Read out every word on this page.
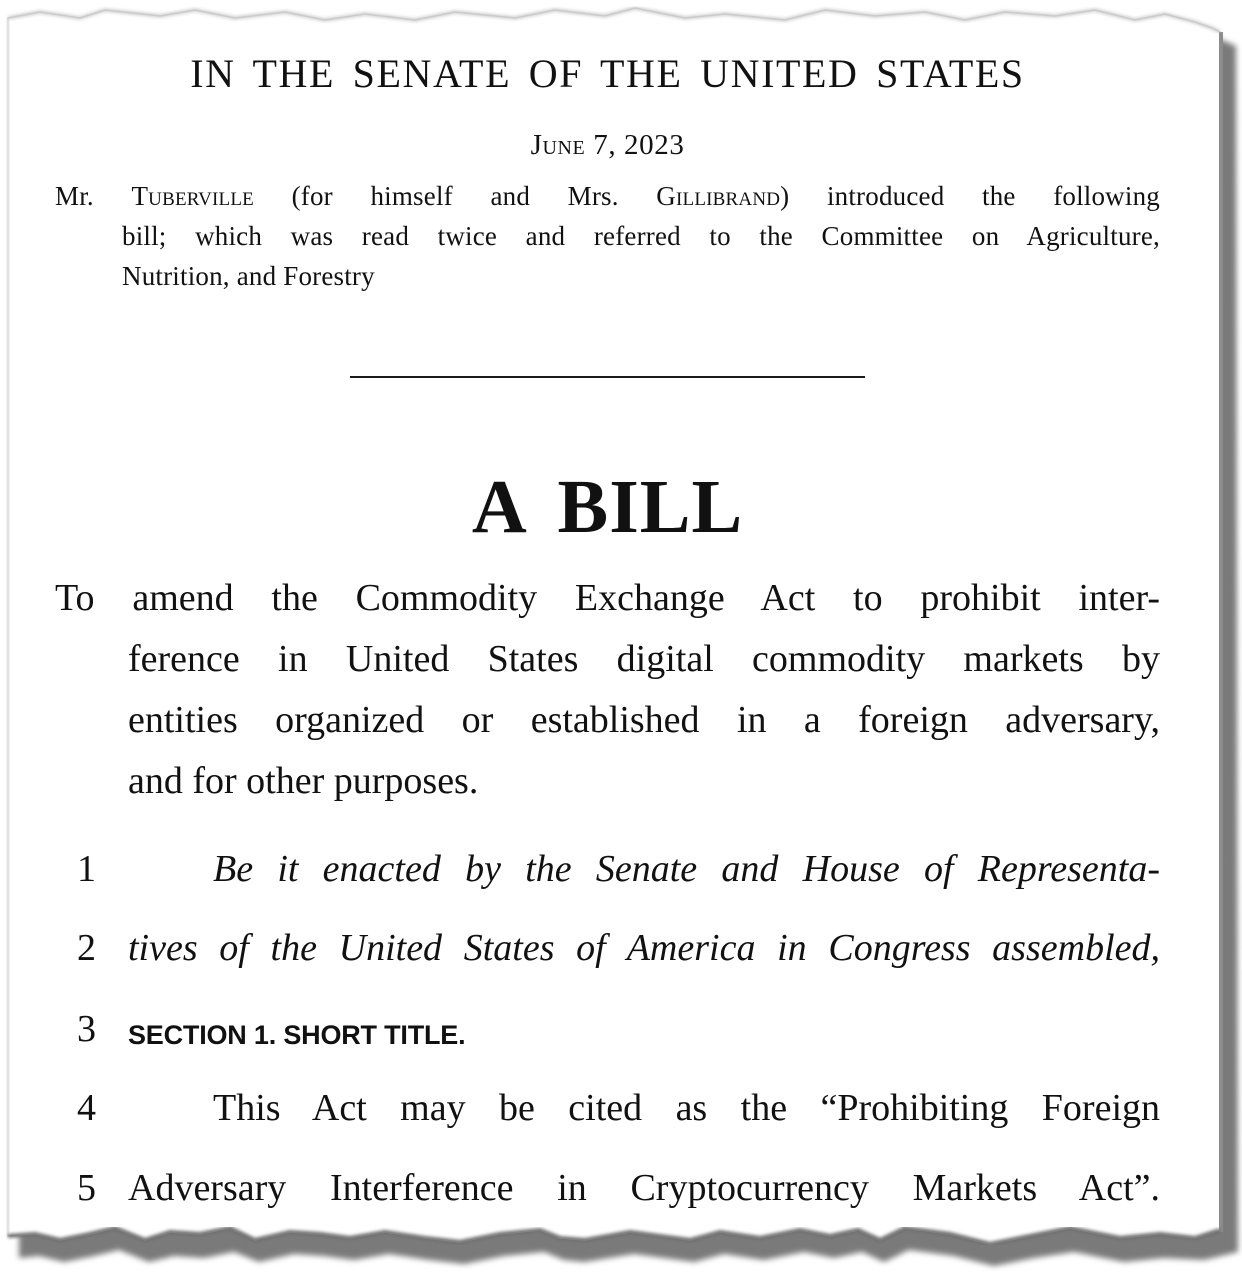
IN THE SENATE OF THE UNITED STATES
June 7, 2023
Mr. Tuberville (for himself and Mrs. Gillibrand) introduced the following
bill; which was read twice and referred to the Committee on Agriculture,
Nutrition, and Forestry
A BILL
To amend the Commodity Exchange Act to prohibit inter-
ference in United States digital commodity markets by
entities organized or established in a foreign adversary,
and for other purposes.
1	Be it enacted by the Senate and House of Representa-
2 tives of the United States of America in Congress assembled,
3 SECTION 1. SHORT TITLE.
4	This Act may be cited as the “Prohibiting Foreign
5 Adversary Interference in Cryptocurrency Markets Act”.
